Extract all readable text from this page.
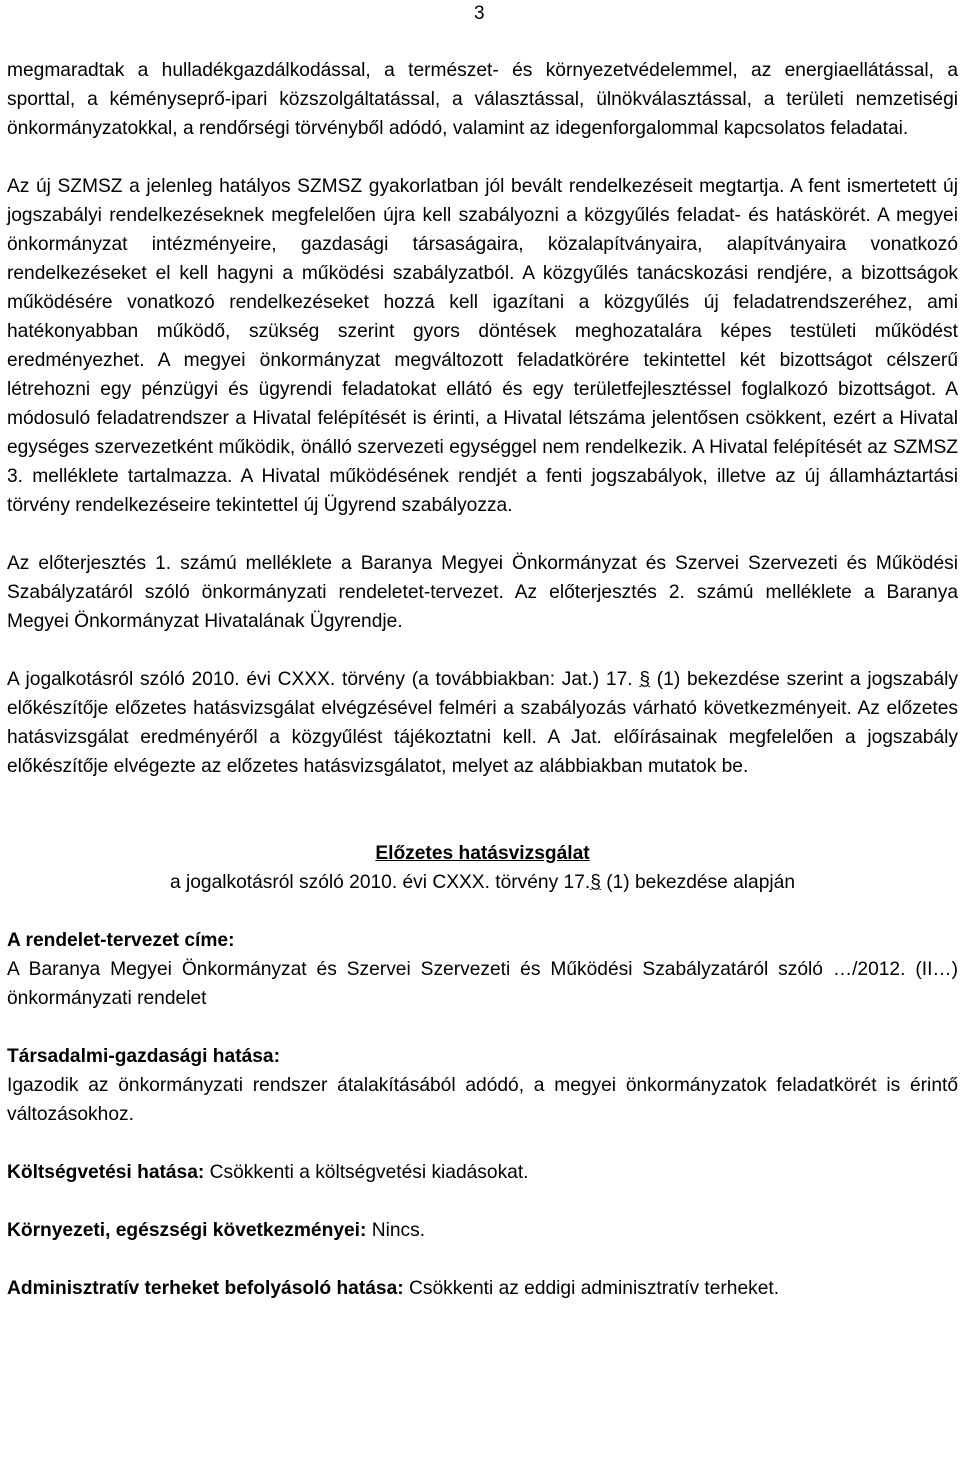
3

megmaradtak a hulladékgazdálkodással, a természet- és környezetvédelemmel, az energiaellátással, a sporttal, a kéményseprő-ipari közszolgáltatással, a választással, ülnökválasztással, a területi nemzetiségi önkormányzatokkal, a rendőrségi törvényből adódó, valamint az idegenforgalommal kapcsolatos feladatai.

Az új SZMSZ a jelenleg hatályos SZMSZ gyakorlatban jól bevált rendelkezéseit megtartja. A fent ismertetett új jogszabályi rendelkezéseknek megfelelően újra kell szabályozni a közgyűlés feladat- és hatáskörét. A megyei önkormányzat intézményeire, gazdasági társaságaira, közalapítványaira, alapítványaira vonatkozó rendelkezéseket el kell hagyni a működési szabályzatból. A közgyűlés tanácskozási rendjére, a bizottságok működésére vonatkozó rendelkezéseket hozzá kell igazítani a közgyűlés új feladatrendszeréhez, ami hatékonyabban működő, szükség szerint gyors döntések meghozatalára képes testületi működést eredményezhet. A megyei önkormányzat megváltozott feladatkörére tekintettel két bizottságot célszerű létrehozni egy pénzügyi és ügyrendi feladatokat ellátó és egy területfejlesztéssel foglalkozó bizottságot. A módosuló feladatrendszer a Hivatal felépítését is érinti, a Hivatal létszáma jelentősen csökkent, ezért a Hivatal egységes szervezetként működik, önálló szervezeti egységgel nem rendelkezik. A Hivatal felépítését az SZMSZ 3. melléklete tartalmazza. A Hivatal működésének rendjét a fenti jogszabályok, illetve az új államháztartási törvény rendelkezéseire tekintettel új Ügyrend szabályozza.

Az előterjesztés 1. számú melléklete a Baranya Megyei Önkormányzat és Szervei Szervezeti és Működési Szabályzatáról szóló önkormányzati rendeletet-tervezet. Az előterjesztés 2. számú melléklete a Baranya Megyei Önkormányzat Hivatalának Ügyrendje.

A jogalkotásról szóló 2010. évi CXXX. törvény (a továbbiakban: Jat.) 17. § (1) bekezdése szerint a jogszabály előkészítője előzetes hatásvizsgálat elvégzésével felméri a szabályozás várható következményeit. Az előzetes hatásvizsgálat eredményéről a közgyűlést tájékoztatni kell. A Jat. előírásainak megfelelően a jogszabály előkészítője elvégezte az előzetes hatásvizsgálatot, melyet az alábbiakban mutatok be.

Előzetes hatásvizsgálat

a jogalkotásról szóló 2010. évi CXXX. törvény 17.§ (1) bekezdése alapján

A rendelet-tervezet címe:

A Baranya Megyei Önkormányzat és Szervei Szervezeti és Működési Szabályzatáról szóló …/2012. (II…) önkormányzati rendelet

Társadalmi-gazdasági hatása:

Igazodik az önkormányzati rendszer átalakításából adódó, a megyei önkormányzatok feladatkörét is érintő változásokhoz.

Költségvetési hatása: Csökkenti a költségvetési kiadásokat.

Környezeti, egészségi következményei: Nincs.

Adminisztratív terheket befolyásoló hatása: Csökkenti az eddigi adminisztratív terheket.
